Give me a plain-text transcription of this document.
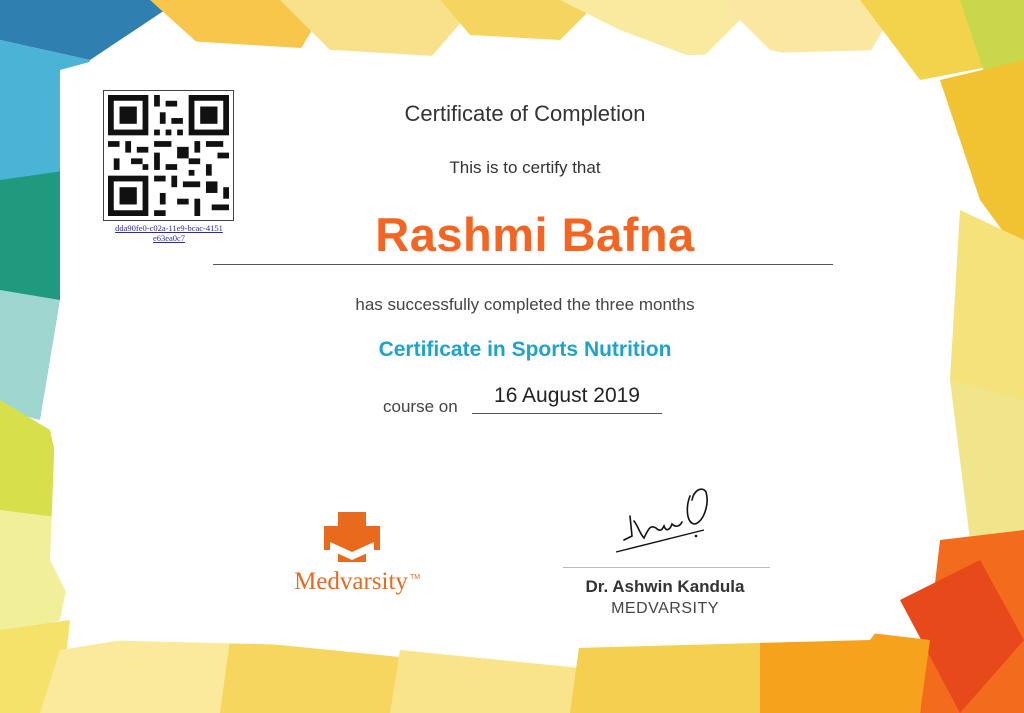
dda90fe0-c02a-11e9-bcac-4151 e63ea0c7
Certificate of Completion
This is to certify that
Rashmi Bafna
has successfully completed the three months
Certificate in Sports Nutrition
course on	16 August 2019
Medvarsity TM	Dr. Ashwin Kandula
MEDVARSITY
